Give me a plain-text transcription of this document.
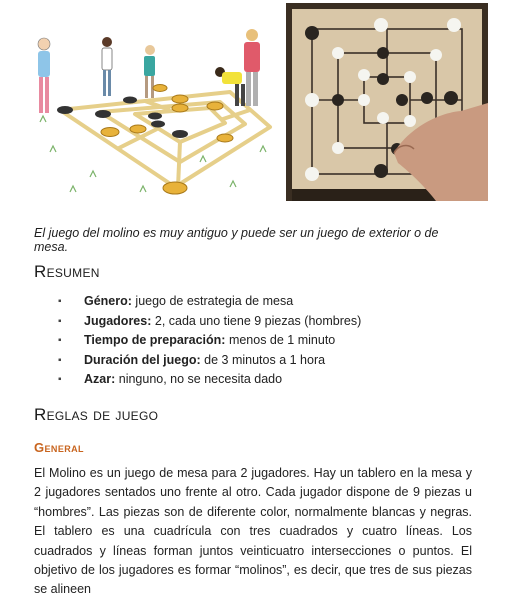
El juego del molino es muy antiguo y puede ser un juego de exterior o de mesa.
Resumen
▪ Género: juego de estrategia de mesa
▪ Jugadores: 2, cada uno tiene 9 piezas (hombres)
▪ Tiempo de preparación: menos de 1 minuto
▪ Duración del juego: de 3 minutos a 1 hora
▪ Azar: ninguno, no se necesita dado
Reglas de juego
General
El Molino es un juego de mesa para 2 jugadores. Hay un tablero en la mesa y 2 jugadores sentados uno frente al otro. Cada jugador dispone de 9 piezas u “hombres”. Las piezas son de diferente color, normalmente blancas y negras. El tablero es una cuadrícula con tres cuadrados y cuatro líneas. Los cuadrados y líneas forman juntos veinticuatro intersecciones o puntos. El objetivo de los jugadores es formar “molinos”, es decir, que tres de sus piezas se alineen
